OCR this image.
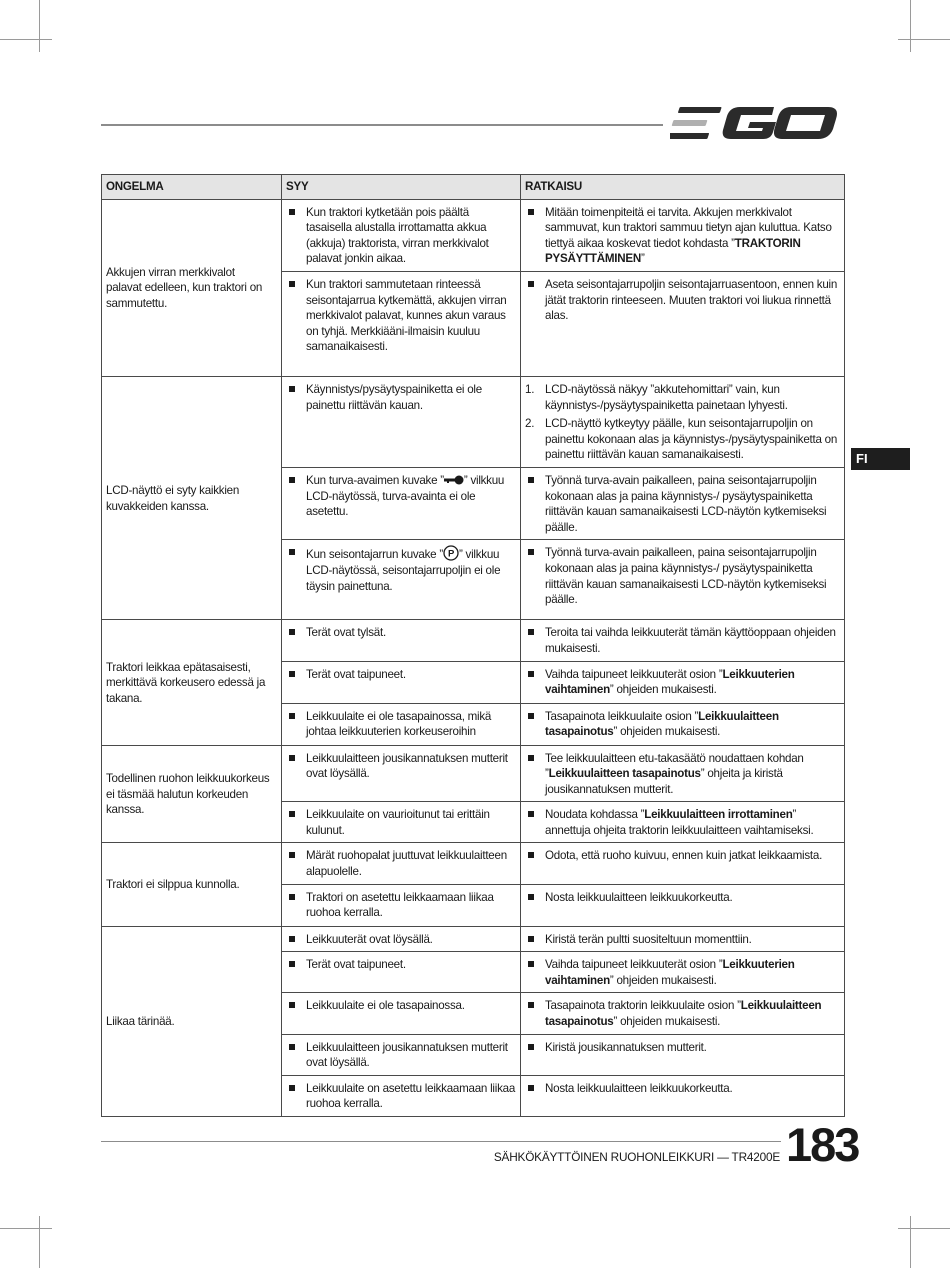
FI
ONGELMA	SYY	RATKAISU
Akkujen virran merkkivalot palavat edelleen, kun traktori on sammutettu.	Kun traktori kytketään pois päältä tasaisella alustalla irrottamatta akkua (akkuja) traktorista, virran merkkivalot palavat jonkin aikaa.	Mitään toimenpiteitä ei tarvita. Akkujen merkkivalot sammuvat, kun traktori sammuu tietyn ajan kuluttua. Katso tiettyä aikaa koskevat tiedot kohdasta ”TRAKTORIN PYSÄYTTÄMINEN”

	Kun traktori sammutetaan rinteessä seisontajarrua kytkemättä, akkujen virran merkkivalot palavat, kunnes akun varaus on tyhjä. Merkkiääni-ilmaisin kuuluu samanaikaisesti.	Aseta seisontajarrupoljin seisontajarruasentoon, ennen kuin jätät traktorin rinteeseen. Muuten traktori voi liukua rinnettä alas.

LCD-näyttö ei syty kaikkien kuvakkeiden kanssa.	Käynnistys/pysäytyspainiketta ei ole painettu riittävän kauan.	1. LCD-näytössä näkyy ”akkutehomittari” vain, kun käynnistys-/pysäytyspainiketta painetaan lyhyesti.
2. LCD-näyttö kytkeytyy päälle, kun seisontajarrupoljin on painettu kokonaan alas ja käynnistys-/pysäytyspainiketta on painettu riittävän kauan samanaikaisesti.

	Kun turva-avaimen kuvake ” ” vilkkuu LCD-näytössä, turva-avainta ei ole asetettu.	Työnnä turva-avain paikalleen, paina seisontajarrupoljin kokonaan alas ja paina käynnistys-/ pysäytyspainiketta riittävän kauan samanaikaisesti LCD-näytön kytkemiseksi päälle.

	Kun seisontajarrun kuvake ” P ” vilkkuu LCD-näytössä, seisontajarrupoljin ei ole täysin painettuna.	Työnnä turva-avain paikalleen, paina seisontajarrupoljin kokonaan alas ja paina käynnistys-/ pysäytyspainiketta riittävän kauan samanaikaisesti LCD-näytön kytkemiseksi päälle.

Traktori leikkaa epätasaisesti, merkittävä korkeusero edessä ja takana.	Terät ovat tylsät.	Teroita tai vaihda leikkuuterät tämän käyttöoppaan ohjeiden mukaisesti.

	Terät ovat taipuneet.	Vaihda taipuneet leikkuuterät osion ”Leikkuuterien vaihtaminen” ohjeiden mukaisesti.

	Leikkuulaite ei ole tasapainossa, mikä johtaa leikkuuterien korkeuseroihin	Tasapainota leikkuulaite osion ”Leikkuulaitteen tasapainotus” ohjeiden mukaisesti.

Todellinen ruohon leikkuukorkeus ei täsmää halutun korkeuden kanssa.	Leikkuulaitteen jousikannatuksen mutterit ovat löysällä.	Tee leikkuulaitteen etu-takasäätö noudattaen kohdan ”Leikkuulaitteen tasapainotus” ohjeita ja kiristä jousikannatuksen mutterit.

	Leikkuulaite on vaurioitunut tai erittäin kulunut.	Noudata kohdassa ”Leikkuulaitteen irrottaminen” annettuja ohjeita traktorin leikkuulaitteen vaihtamiseksi.

Traktori ei silppua kunnolla.	Märät ruohopalat juuttuvat leikkuulaitteen alapuolelle.	Odota, että ruoho kuivuu, ennen kuin jatkat leikkaamista.

	Traktori on asetettu leikkaamaan liikaa ruohoa kerralla.	Nosta leikkuulaitteen leikkuukorkeutta.

Liikaa tärinää.	Leikkuuterät ovat löysällä.	Kiristä terän pultti suositeltuun momenttiin.

	Terät ovat taipuneet.	Vaihda taipuneet leikkuuterät osion ”Leikkuuterien vaihtaminen” ohjeiden mukaisesti.

	Leikkuulaite ei ole tasapainossa.	Tasapainota traktorin leikkuulaite osion ”Leikkuulaitteen tasapainotus” ohjeiden mukaisesti.

	Leikkuulaitteen jousikannatuksen mutterit ovat löysällä.	Kiristä jousikannatuksen mutterit.

	Leikkuulaite on asetettu leikkaamaan liikaa ruohoa kerralla.	Nosta leikkuulaitteen leikkuukorkeutta.
SÄHKÖKÄYTTÖINEN RUOHONLEIKKURI — TR4200E 183
